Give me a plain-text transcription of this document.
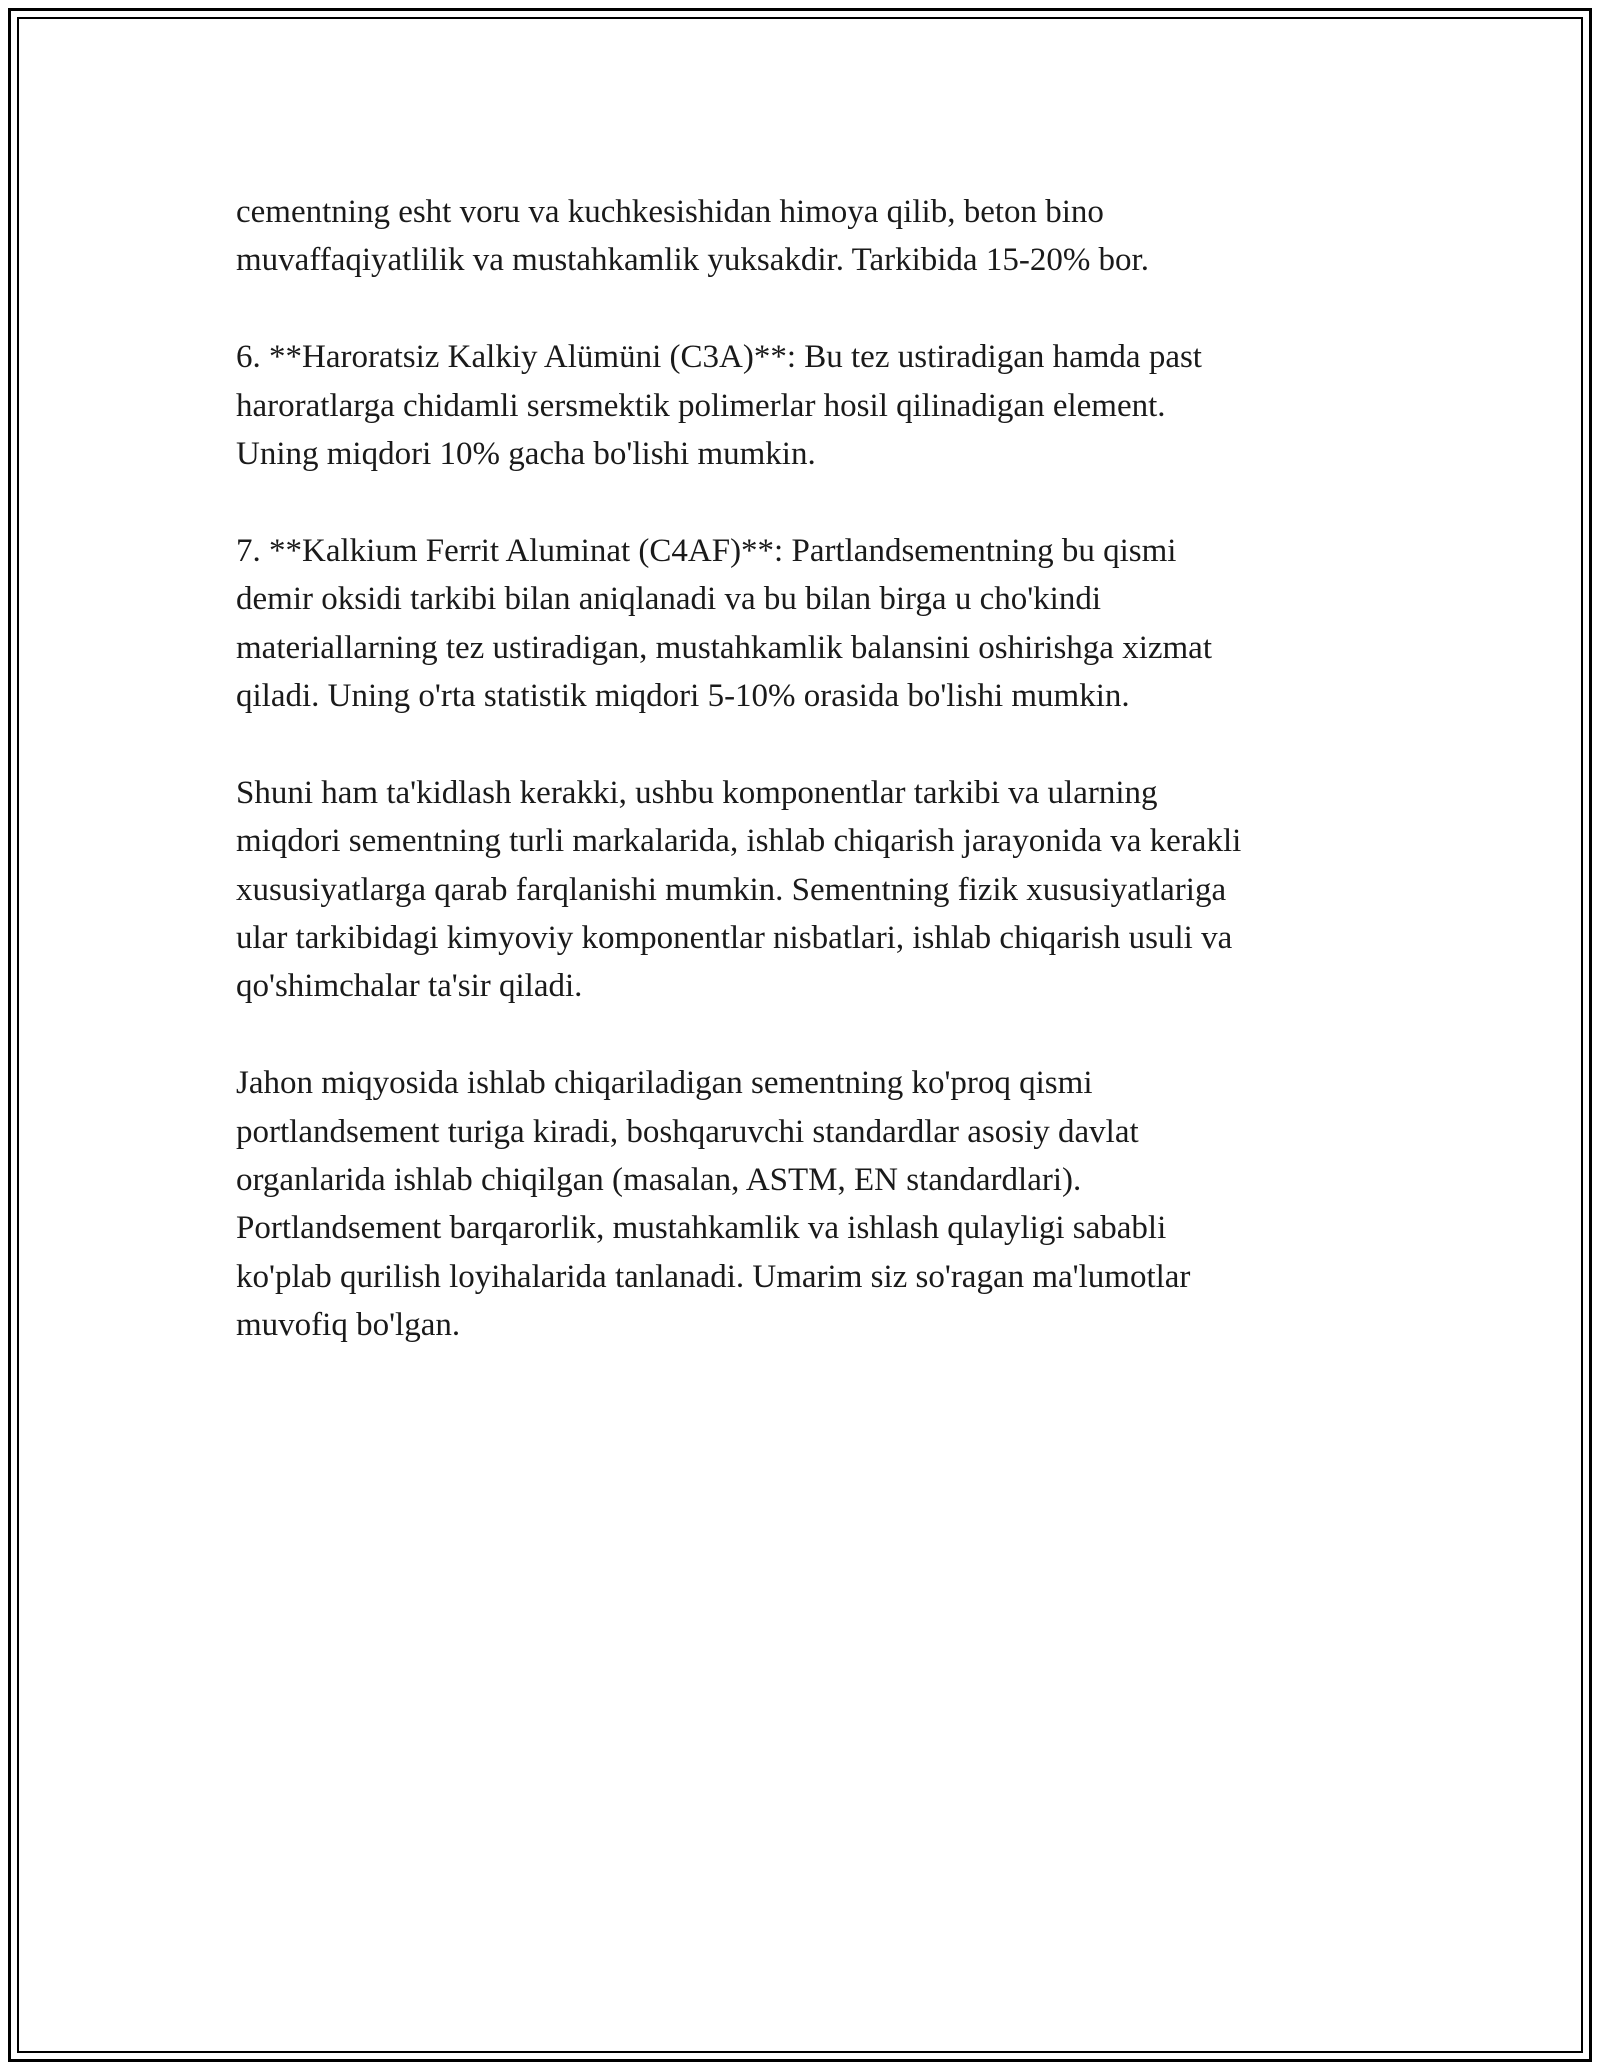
cementning esht voru va kuchkesishidan himoya qilib, beton bino
muvaffaqiyatlilik va mustahkamlik yuksakdir. Tarkibida 15-20% bor.

6. **Haroratsiz Kalkiy Alümüni (C3A)**: Bu tez ustiradigan hamda past
haroratlarga chidamli sersmektik polimerlar hosil qilinadigan element.
Uning miqdori 10% gacha bo'lishi mumkin.

7. **Kalkium Ferrit Aluminat (C4AF)**: Partlandsementning bu qismi
demir oksidi tarkibi bilan aniqlanadi va bu bilan birga u cho'kindi
materiallarning tez ustiradigan, mustahkamlik balansini oshirishga xizmat
qiladi. Uning o'rta statistik miqdori 5-10% orasida bo'lishi mumkin.

Shuni ham ta'kidlash kerakki, ushbu komponentlar tarkibi va ularning
miqdori sementning turli markalarida, ishlab chiqarish jarayonida va kerakli
xususiyatlarga qarab farqlanishi mumkin. Sementning fizik xususiyatlariga
ular tarkibidagi kimyoviy komponentlar nisbatlari, ishlab chiqarish usuli va
qo'shimchalar ta'sir qiladi.

Jahon miqyosida ishlab chiqariladigan sementning ko'proq qismi
portlandsement turiga kiradi, boshqaruvchi standardlar asosiy davlat
organlarida ishlab chiqilgan (masalan, ASTM, EN standardlari).
Portlandsement barqarorlik, mustahkamlik va ishlash qulayligi sababli
ko'plab qurilish loyihalarida tanlanadi. Umarim siz so'ragan ma'lumotlar
muvofiq bo'lgan.
